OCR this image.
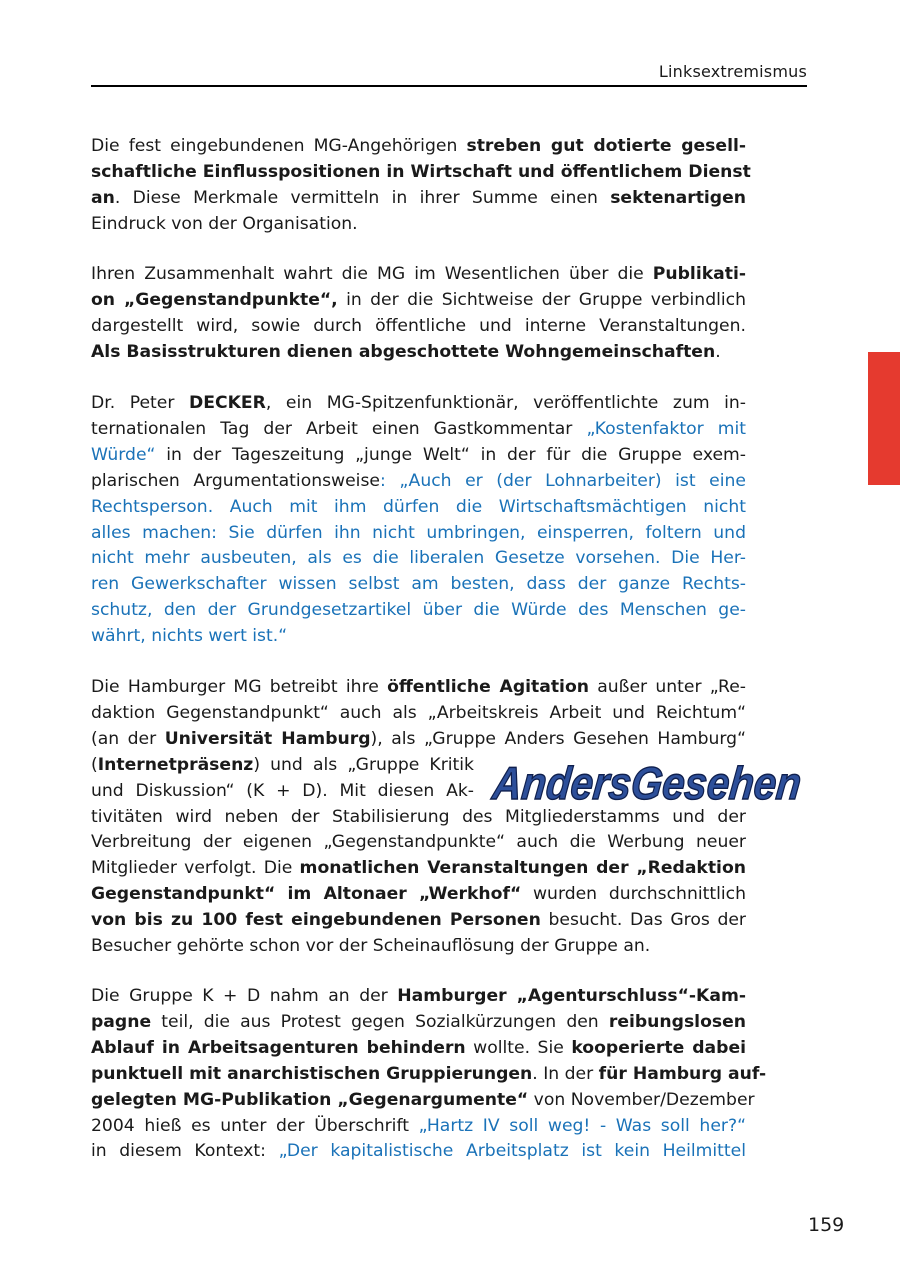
Linksextremismus
Die fest eingebundenen MG-Angehörigen streben gut dotierte gesell-
schaftliche Einflusspositionen in Wirtschaft und öffentlichem Dienst
an. Diese Merkmale vermitteln in ihrer Summe einen sektenartigen
Eindruck von der Organisation.
Ihren Zusammenhalt wahrt die MG im Wesentlichen über die Publikati-
on „Gegenstandpunkte“, in der die Sichtweise der Gruppe verbindlich
dargestellt wird, sowie durch öffentliche und interne Veranstaltungen.
Als Basisstrukturen dienen abgeschottete Wohngemeinschaften.
Dr. Peter DECKER, ein MG-Spitzenfunktionär, veröffentlichte zum in-
ternationalen Tag der Arbeit einen Gastkommentar „Kostenfaktor mit
Würde“ in der Tageszeitung „junge Welt“ in der für die Gruppe exem-
plarischen Argumentationsweise: „Auch er (der Lohnarbeiter) ist eine
Rechtsperson. Auch mit ihm dürfen die Wirtschaftsmächtigen nicht
alles machen: Sie dürfen ihn nicht umbringen, einsperren, foltern und
nicht mehr ausbeuten, als es die liberalen Gesetze vorsehen. Die Her-
ren Gewerkschafter wissen selbst am besten, dass der ganze Rechts-
schutz, den der Grundgesetzartikel über die Würde des Menschen ge-
währt, nichts wert ist.“
Die Hamburger MG betreibt ihre öffentliche Agitation außer unter „Re-
daktion Gegenstandpunkt“ auch als „Arbeitskreis Arbeit und Reichtum“
(an der Universität Hamburg), als „Gruppe Anders Gesehen Hamburg“
(Internetpräsenz) und als „Gruppe Kritik
und Diskussion“ (K + D). Mit diesen Ak-
tivitäten wird neben der Stabilisierung des Mitgliederstamms und der
Verbreitung der eigenen „Gegenstandpunkte“ auch die Werbung neuer
Mitglieder verfolgt. Die monatlichen Veranstaltungen der „Redaktion
Gegenstandpunkt“ im Altonaer „Werkhof“ wurden durchschnittlich
von bis zu 100 fest eingebundenen Personen besucht. Das Gros der
Besucher gehörte schon vor der Scheinauflösung der Gruppe an.
AndersGesehen
Die Gruppe K + D nahm an der Hamburger „Agenturschluss“-Kam-
pagne teil, die aus Protest gegen Sozialkürzungen den reibungslosen
Ablauf in Arbeitsagenturen behindern wollte. Sie kooperierte dabei
punktuell mit anarchistischen Gruppierungen. In der für Hamburg auf-
gelegten MG-Publikation „Gegenargumente“ von November/Dezember
2004 hieß es unter der Überschrift „Hartz IV soll weg! - Was soll her?“
in diesem Kontext: „Der kapitalistische Arbeitsplatz ist kein Heilmittel
159
